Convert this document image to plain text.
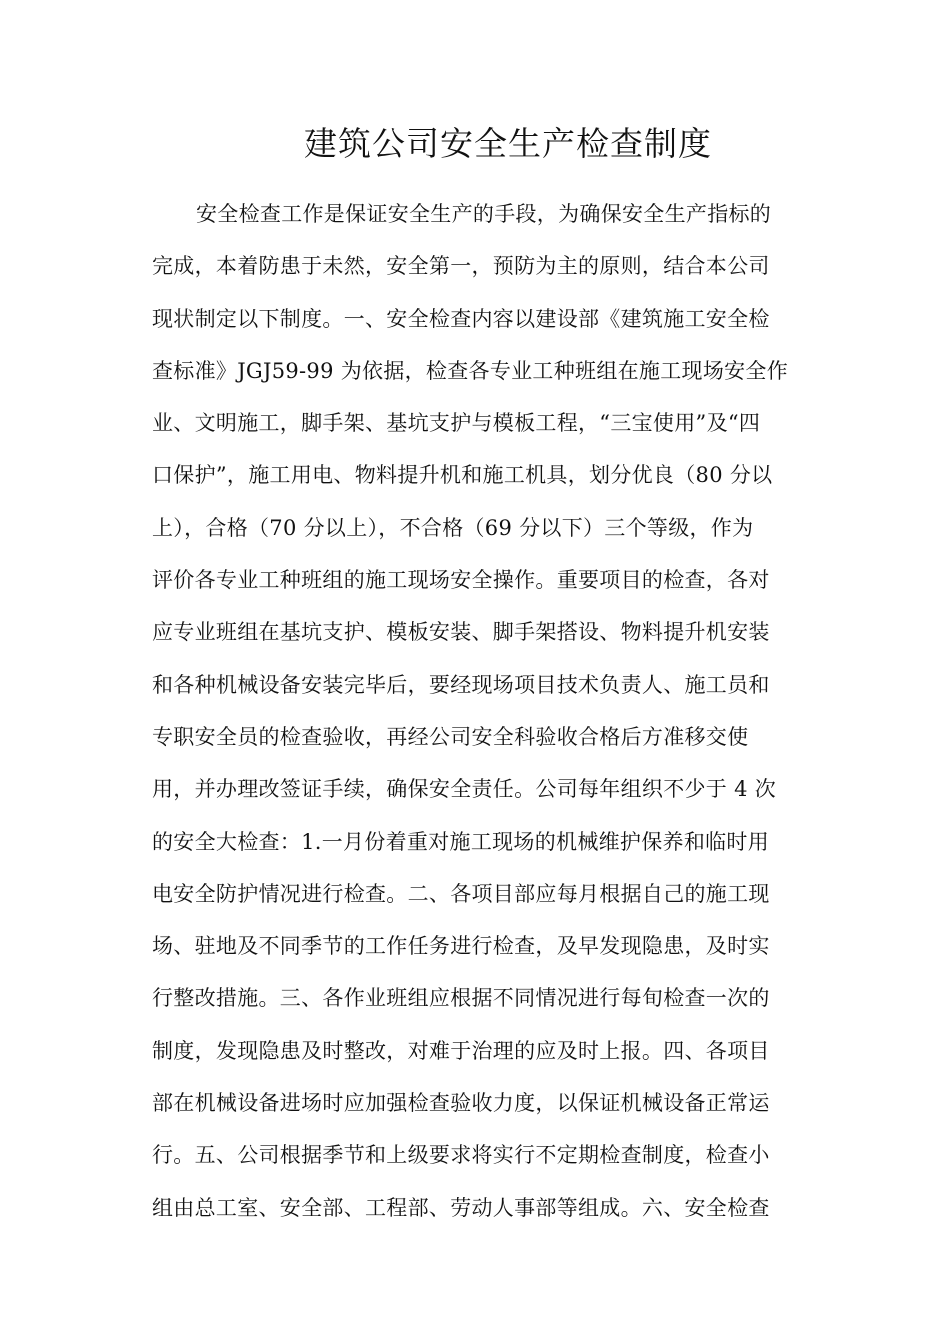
建筑公司安全生产检查制度
安全检查工作是保证安全生产的手段，为确保安全生产指标的
完成，本着防患于未然，安全第一，预防为主的原则，结合本公司
现状制定以下制度。一、安全检查内容以建设部《建筑施工安全检
查标准》JGJ59-99 为依据，检查各专业工种班组在施工现场安全作
业、文明施工，脚手架、基坑支护与模板工程，“三宝使用”及“四
口保护”，施工用电、物料提升机和施工机具，划分优良（80 分以
上），合格（70 分以上），不合格（69 分以下）三个等级，作为
评价各专业工种班组的施工现场安全操作。重要项目的检查，各对
应专业班组在基坑支护、模板安装、脚手架搭设、物料提升机安装
和各种机械设备安装完毕后，要经现场项目技术负责人、施工员和
专职安全员的检查验收，再经公司安全科验收合格后方准移交使
用，并办理改签证手续，确保安全责任。公司每年组织不少于 4 次
的安全大检查：1.一月份着重对施工现场的机械维护保养和临时用
电安全防护情况进行检查。二、各项目部应每月根据自己的施工现
场、驻地及不同季节的工作任务进行检查，及早发现隐患，及时实
行整改措施。三、各作业班组应根据不同情况进行每旬检查一次的
制度，发现隐患及时整改，对难于治理的应及时上报。四、各项目
部在机械设备进场时应加强检查验收力度，以保证机械设备正常运
行。五、公司根据季节和上级要求将实行不定期检查制度，检查小
组由总工室、安全部、工程部、劳动人事部等组成。六、安全检查
